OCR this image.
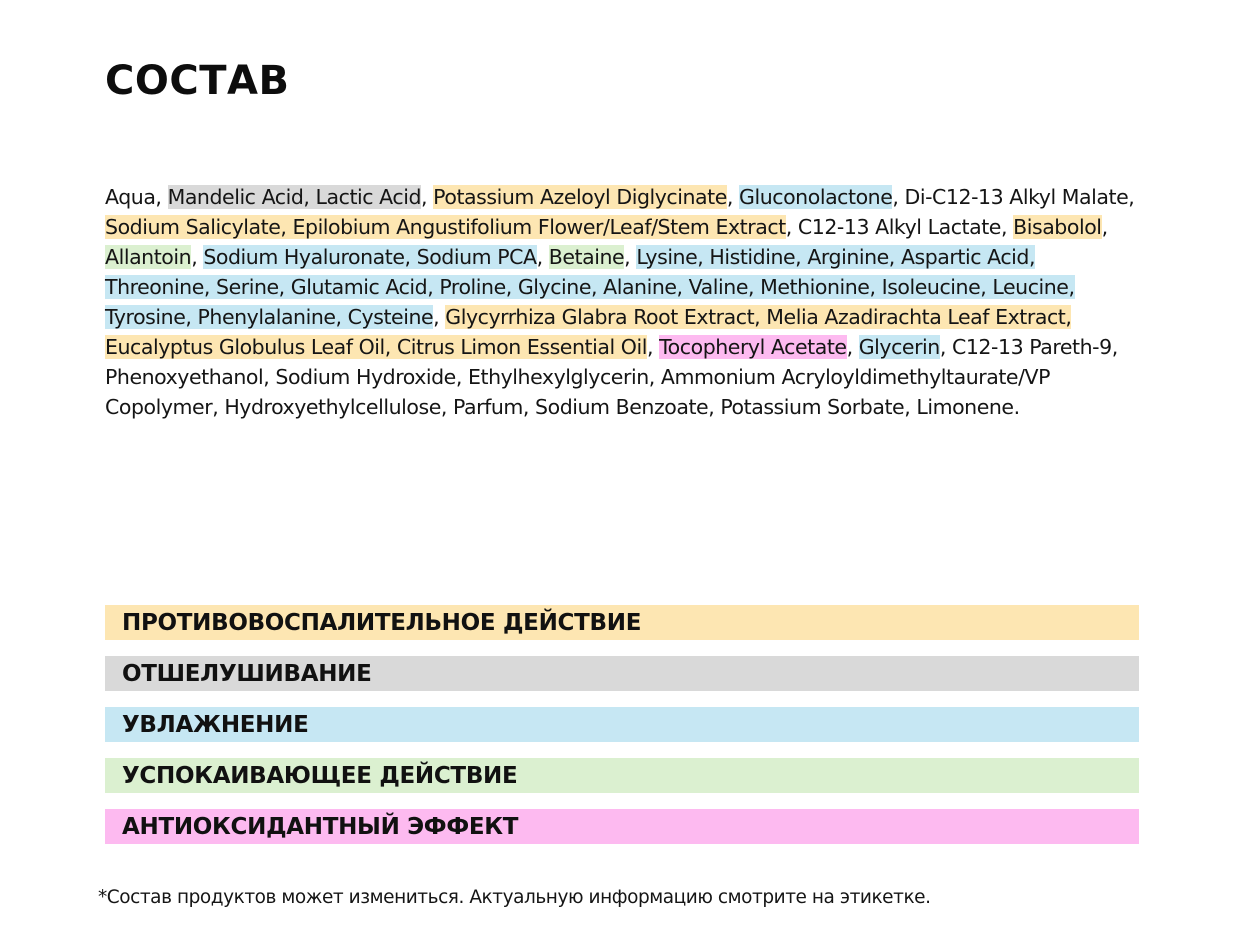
СОСТАВ

Aqua, Mandelic Acid, Lactic Acid, Potassium Azeloyl Diglycinate, Gluconolactone, Di-C12-13 Alkyl Malate, Sodium Salicylate, Epilobium Angustifolium Flower/Leaf/Stem Extract, C12-13 Alkyl Lactate, Bisabolol, Allantoin, Sodium Hyaluronate, Sodium PCA, Betaine, Lysine, Histidine, Arginine, Aspartic Acid, Threonine, Serine, Glutamic Acid, Proline, Glycine, Alanine, Valine, Methionine, Isoleucine, Leucine, Tyrosine, Phenylalanine, Cysteine, Glycyrrhiza Glabra Root Extract, Melia Azadirachta Leaf Extract, Eucalyptus Globulus Leaf Oil, Citrus Limon Essential Oil, Tocopheryl Acetate, Glycerin, C12-13 Pareth-9, Phenoxyethanol, Sodium Hydroxide, Ethylhexylglycerin, Ammonium Acryloyldimethyltaurate/VP Copolymer, Hydroxyethylcellulose, Parfum, Sodium Benzoate, Potassium Sorbate, Limonene.

ПРОТИВОВОСПАЛИТЕЛЬНОЕ ДЕЙСТВИЕ
ОТШЕЛУШИВАНИЕ
УВЛАЖНЕНИЕ
УСПОКАИВАЮЩЕЕ ДЕЙСТВИЕ
АНТИОКСИДАНТНЫЙ ЭФФЕКТ

*Состав продуктов может измениться. Актуальную информацию смотрите на этикетке.
